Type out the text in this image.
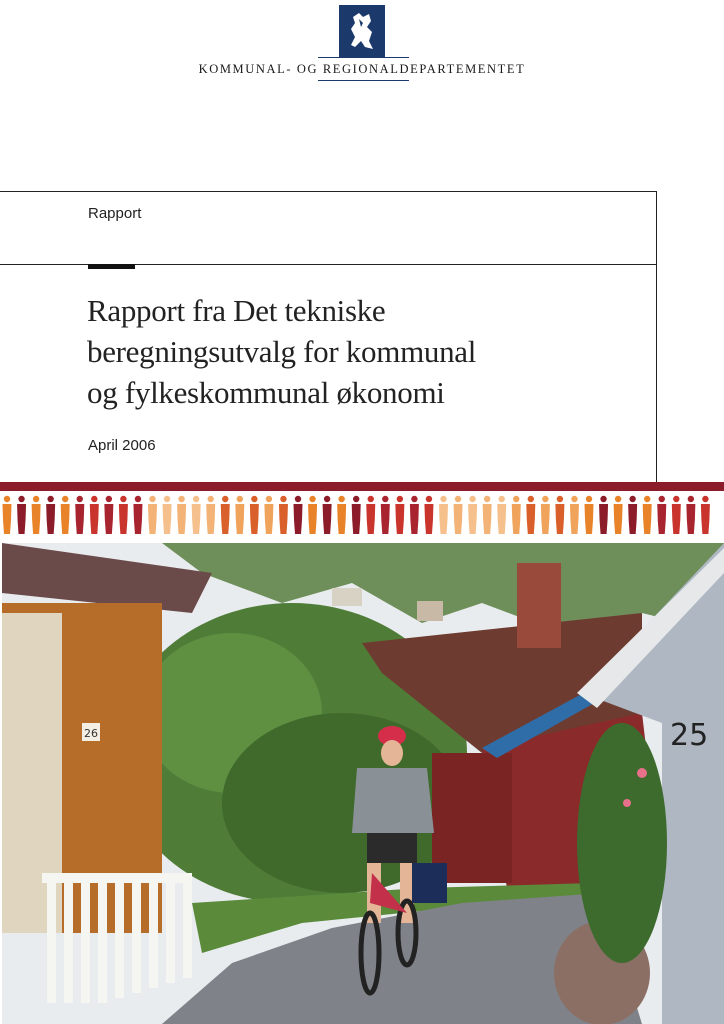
KOMMUNAL- OG REGIONALDEPARTEMENTET
Rapport
Rapport fra Det tekniske
beregningsutvalg for kommunal
og fylkeskommunal økonomi
April 2006
25
26
